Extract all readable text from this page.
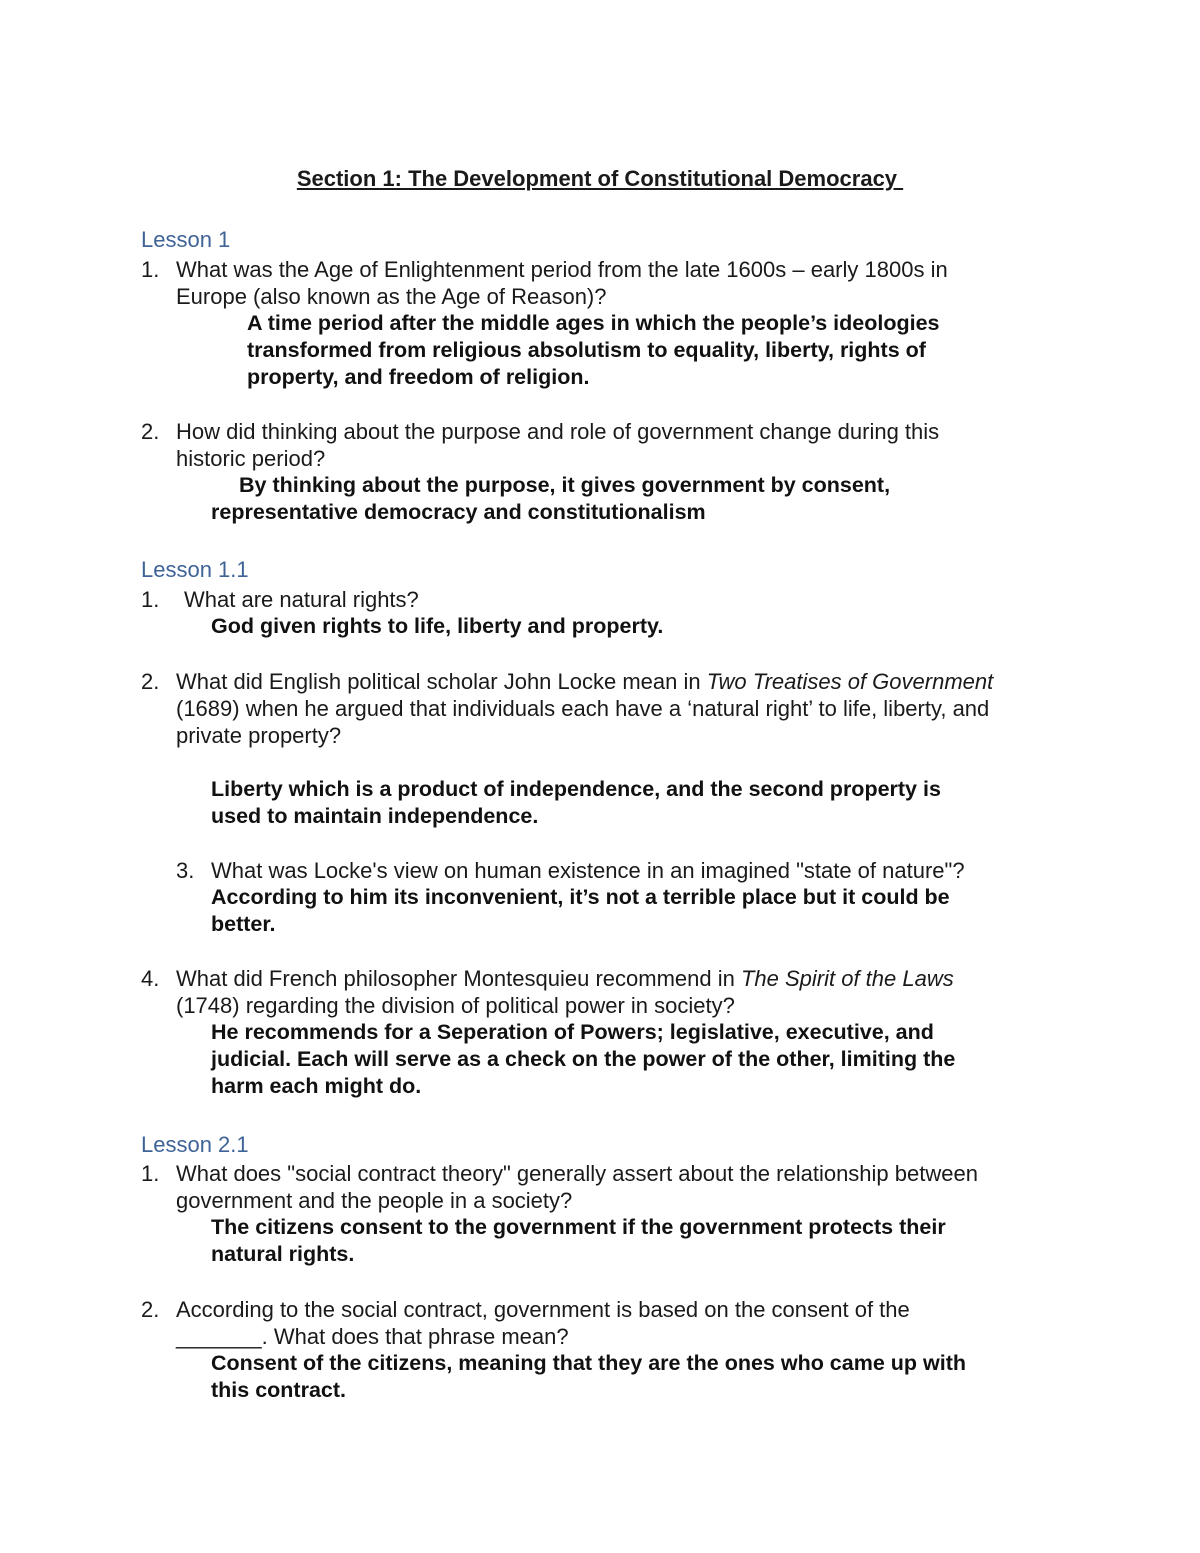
Section 1: The Development of Constitutional Democracy
Lesson 1
1. What was the Age of Enlightenment period from the late 1600s – early 1800s in
Europe (also known as the Age of Reason)?
A time period after the middle ages in which the people’s ideologies
transformed from religious absolutism to equality, liberty, rights of
property, and freedom of religion.
2. How did thinking about the purpose and role of government change during this
historic period?
By thinking about the purpose, it gives government by consent,
representative democracy and constitutionalism
Lesson 1.1
1. What are natural rights?
God given rights to life, liberty and property.
2. What did English political scholar John Locke mean in Two Treatises of Government
(1689) when he argued that individuals each have a ‘natural right’ to life, liberty, and
private property?
Liberty which is a product of independence, and the second property is
used to maintain independence.
3. What was Locke's view on human existence in an imagined "state of nature"?
According to him its inconvenient, it’s not a terrible place but it could be
better.
4. What did French philosopher Montesquieu recommend in The Spirit of the Laws
(1748) regarding the division of political power in society?
He recommends for a Seperation of Powers; legislative, executive, and
judicial. Each will serve as a check on the power of the other, limiting the
harm each might do.
Lesson 2.1
1. What does "social contract theory" generally assert about the relationship between
government and the people in a society?
The citizens consent to the government if the government protects their
natural rights.
2. According to the social contract, government is based on the consent of the
_______. What does that phrase mean?
Consent of the citizens, meaning that they are the ones who came up with
this contract.
